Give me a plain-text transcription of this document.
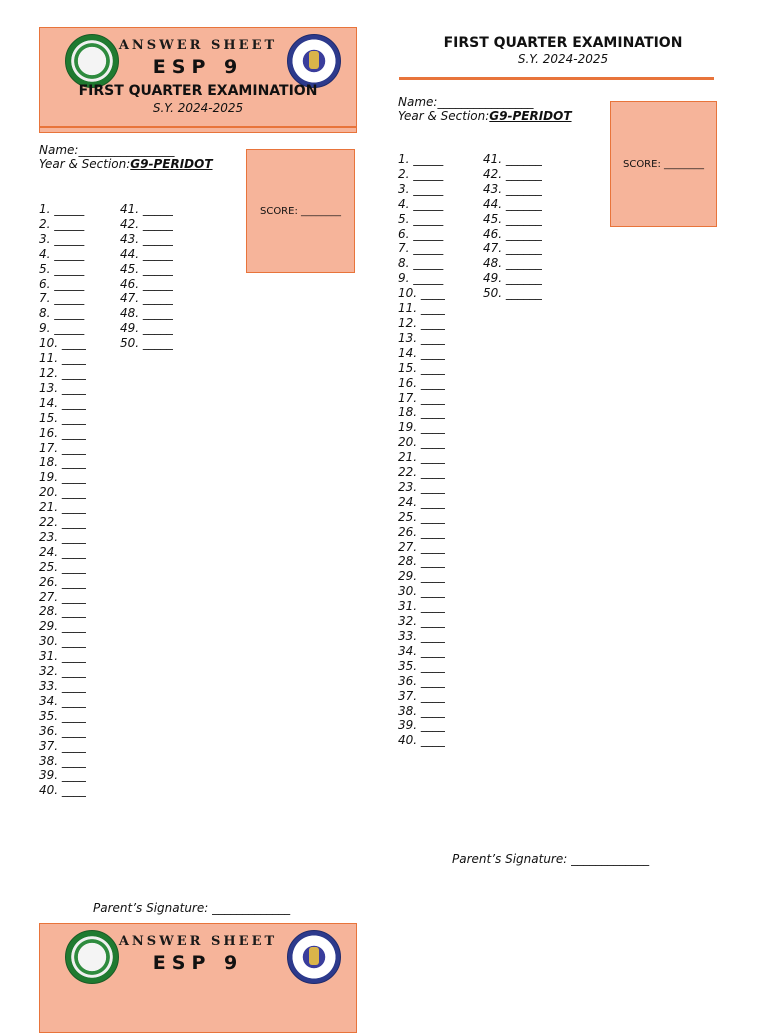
ANSWER SHEET
ESP 9
FIRST QUARTER EXAMINATION
S.Y. 2024-2025
Name:________________
Year & Section:G9-PERIDOT
SCORE: ________
1. _____
2. _____
3. _____
4. _____
5. _____
6. _____
7. _____
8. _____
9. _____
10. ____
11. ____
12. ____
13. ____
14. ____
15. ____
16. ____
17. ____
18. ____
19. ____
20. ____
21. ____
22. ____
23. ____
24. ____
25. ____
26. ____
27. ____
28. ____
29. ____
30. ____
31. ____
32. ____
33. ____
34. ____
35. ____
36. ____
37. ____
38. ____
39. ____
40. ____
41. _____
42. _____
43. _____
44. _____
45. _____
46. _____
47. _____
48. _____
49. _____
50. _____
Parent’s Signature: _____________
FIRST QUARTER EXAMINATION
S.Y. 2024-2025
Name:________________
Year & Section:G9-PERIDOT
SCORE: ________
1. _____
2. _____
3. _____
4. _____
5. _____
6. _____
7. _____
8. _____
9. _____
10. ____
11. ____
12. ____
13. ____
14. ____
15. ____
16. ____
17. ____
18. ____
19. ____
20. ____
21. ____
22. ____
23. ____
24. ____
25. ____
26. ____
27. ____
28. ____
29. ____
30. ____
31. ____
32. ____
33. ____
34. ____
35. ____
36. ____
37. ____
38. ____
39. ____
40. ____
41. ______
42. ______
43. ______
44. ______
45. ______
46. ______
47. ______
48. ______
49. ______
50. ______
Parent’s Signature: _____________
ANSWER SHEET
ESP 9
